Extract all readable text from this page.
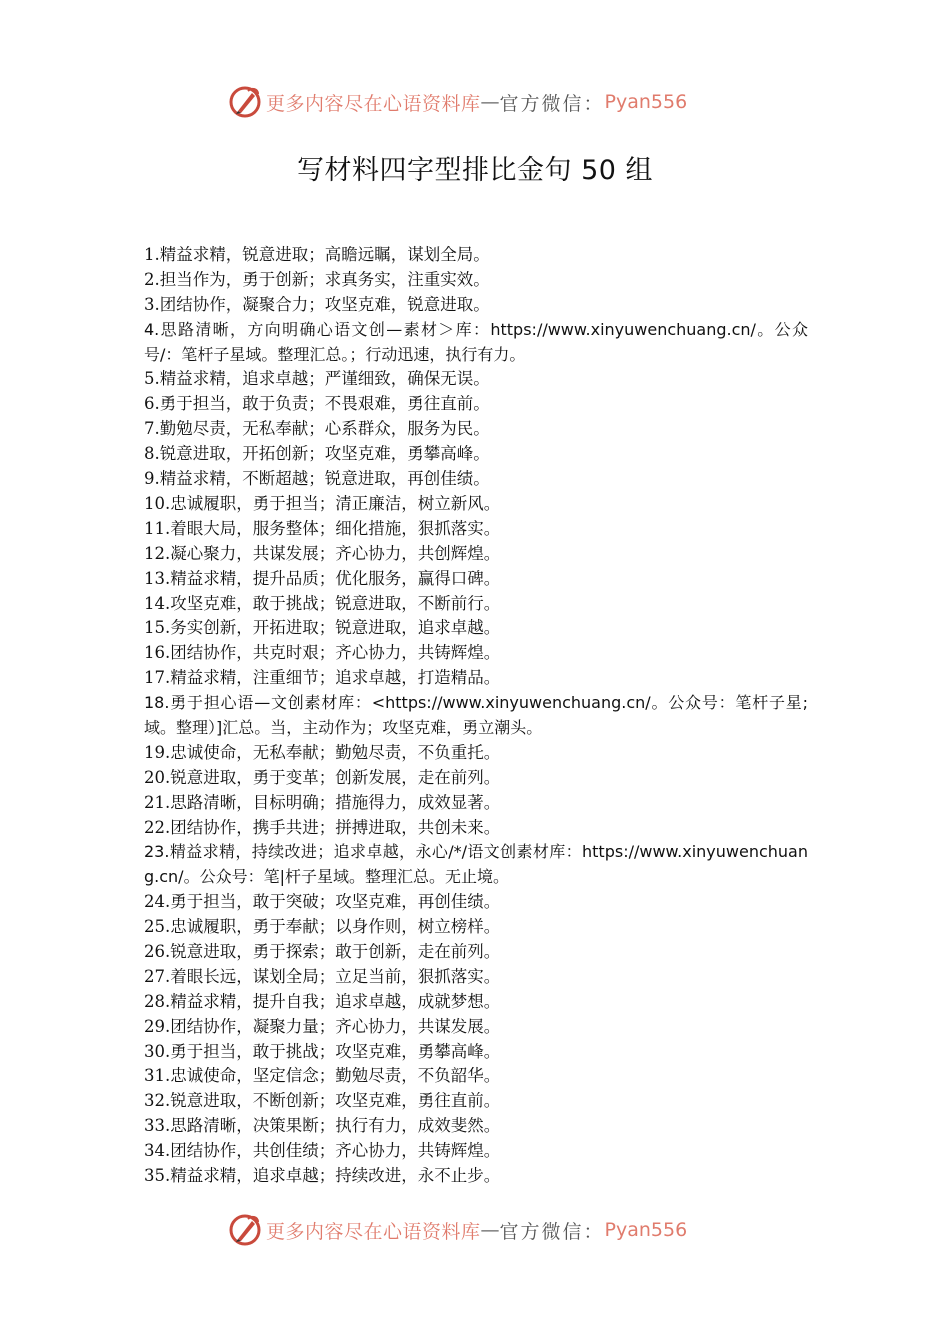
更多内容尽在心语资料库 — 官方微信： Pyan556
写材料四字型排比金句 50 组
1.精益求精，锐意进取；高瞻远瞩，谋划全局。
2.担当作为，勇于创新；求真务实，注重实效。
3.团结协作，凝聚合力；攻坚克难，锐意进取。
4.思路清晰，方向明确心语文创—素材＞库：https://www.xinyuwenchuang.cn/。公众号/：笔杆子星域。整理汇总。；行动迅速，执行有力。
5.精益求精，追求卓越；严谨细致，确保无误。
6.勇于担当，敢于负责；不畏艰难，勇往直前。
7.勤勉尽责，无私奉献；心系群众，服务为民。
8.锐意进取，开拓创新；攻坚克难，勇攀高峰。
9.精益求精，不断超越；锐意进取，再创佳绩。
10.忠诚履职，勇于担当；清正廉洁，树立新风。
11.着眼大局，服务整体；细化措施，狠抓落实。
12.凝心聚力，共谋发展；齐心协力，共创辉煌。
13.精益求精，提升品质；优化服务，赢得口碑。
14.攻坚克难，敢于挑战；锐意进取，不断前行。
15.务实创新，开拓进取；锐意进取，追求卓越。
16.团结协作，共克时艰；齐心协力，共铸辉煌。
17.精益求精，注重细节；追求卓越，打造精品。
18.勇于担心语—文创素材库：<https://www.xinyuwenchuang.cn/。公众号：笔杆子星;域。整理）]汇总。当，主动作为；攻坚克难，勇立潮头。
19.忠诚使命，无私奉献；勤勉尽责，不负重托。
20.锐意进取，勇于变革；创新发展，走在前列。
21.思路清晰，目标明确；措施得力，成效显著。
22.团结协作，携手共进；拼搏进取，共创未来。
23.精益求精，持续改进；追求卓越，永心/*/语文创素材库：https://www.xinyuwenchuang.cn/。公众号：笔|杆子星域。整理汇总。无止境。
24.勇于担当，敢于突破；攻坚克难，再创佳绩。
25.忠诚履职，勇于奉献；以身作则，树立榜样。
26.锐意进取，勇于探索；敢于创新，走在前列。
27.着眼长远，谋划全局；立足当前，狠抓落实。
28.精益求精，提升自我；追求卓越，成就梦想。
29.团结协作，凝聚力量；齐心协力，共谋发展。
30.勇于担当，敢于挑战；攻坚克难，勇攀高峰。
31.忠诚使命，坚定信念；勤勉尽责，不负韶华。
32.锐意进取，不断创新；攻坚克难，勇往直前。
33.思路清晰，决策果断；执行有力，成效斐然。
34.团结协作，共创佳绩；齐心协力，共铸辉煌。
35.精益求精，追求卓越；持续改进，永不止步。
更多内容尽在心语资料库 — 官方微信： Pyan556
